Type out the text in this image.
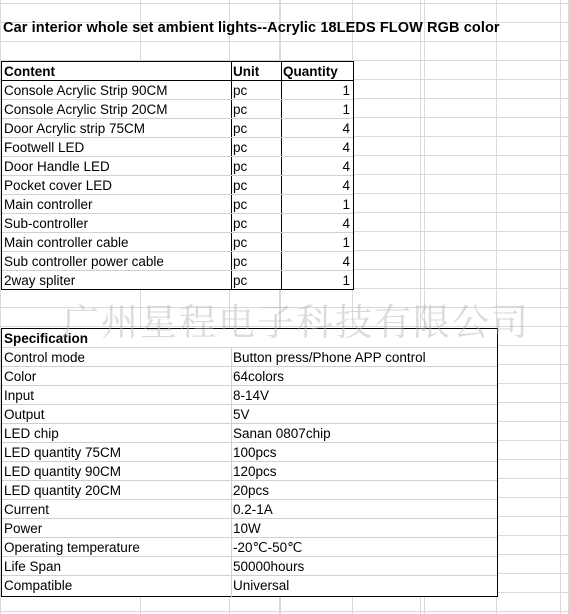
Car interior whole set ambient lights--Acrylic 18LEDS FLOW RGB color
Content	Unit	Quantity
Console Acrylic Strip 90CM	pc	1
Console Acrylic Strip 20CM	pc	1
Door Acrylic strip 75CM	pc	4
Footwell LED	pc	4
Door Handle LED	pc	4
Pocket cover LED	pc	4
Main controller	pc	1
Sub-controller	pc	4
Main controller cable	pc	1
Sub controller power cable	pc	4
2way spliter	pc	1
Specification
Control mode	Button press/Phone APP control
Color	64colors
Input	8-14V
Output	5V
LED chip	Sanan 0807chip
LED quantity 75CM	100pcs
LED quantity 90CM	120pcs
LED quantity 20CM	20pcs
Current	0.2-1A
Power	10W
Operating temperature	-20℃-50℃
Life Span	50000hours
Compatible	Universal
广州星程电子科技有限公司
